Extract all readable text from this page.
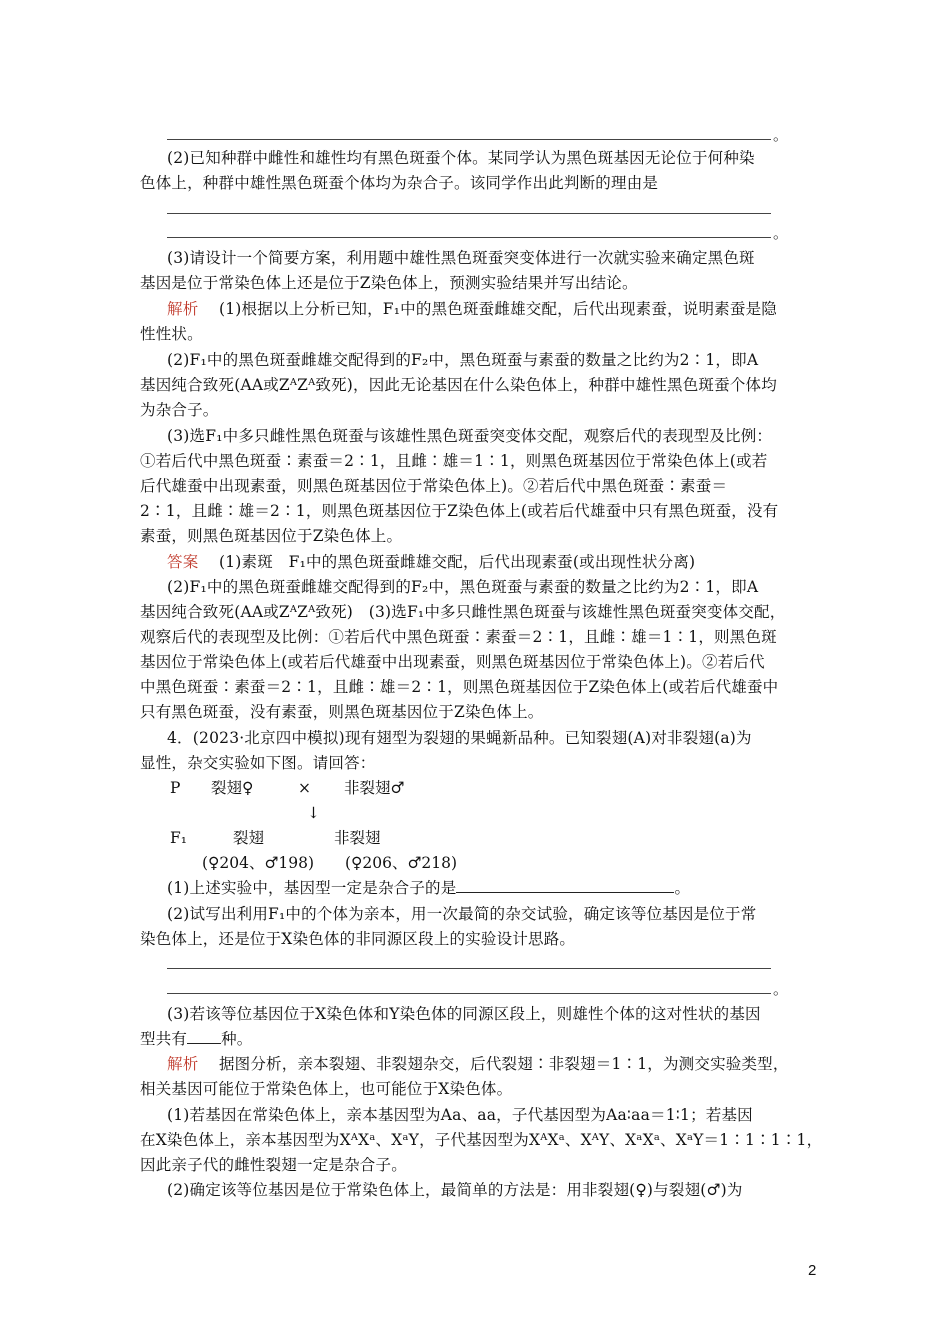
。
(2)已知种群中雌性和雄性均有黑色斑蚕个体。某同学认为黑色斑基因无论位于何种染
色体上，种群中雄性黑色斑蚕个体均为杂合子。该同学作出此判断的理由是
。
(3)请设计一个简要方案，利用题中雄性黑色斑蚕突变体进行一次就实验来确定黑色斑
基因是位于常染色体上还是位于Z染色体上，预测实验结果并写出结论。
解析 (1)根据以上分析已知，F₁中的黑色斑蚕雌雄交配，后代出现素蚕，说明素蚕是隐
性性状。
(2)F₁中的黑色斑蚕雌雄交配得到的F₂中，黑色斑蚕与素蚕的数量之比约为2∶1，即A
基因纯合致死(AA或ZᴬZᴬ致死)，因此无论基因在什么染色体上，种群中雄性黑色斑蚕个体均
为杂合子。
(3)选F₁中多只雌性黑色斑蚕与该雄性黑色斑蚕突变体交配，观察后代的表现型及比例：
①若后代中黑色斑蚕∶素蚕＝2∶1，且雌∶雄＝1∶1，则黑色斑基因位于常染色体上(或若
后代雄蚕中出现素蚕，则黑色斑基因位于常染色体上)。②若后代中黑色斑蚕∶素蚕＝
2∶1，且雌∶雄＝2∶1，则黑色斑基因位于Z染色体上(或若后代雄蚕中只有黑色斑蚕，没有
素蚕，则黑色斑基因位于Z染色体上。
答案 (1)素斑　F₁中的黑色斑蚕雌雄交配，后代出现素蚕(或出现性状分离)
(2)F₁中的黑色斑蚕雌雄交配得到的F₂中，黑色斑蚕与素蚕的数量之比约为2∶1，即A
基因纯合致死(AA或ZᴬZᴬ致死)　(3)选F₁中多只雌性黑色斑蚕与该雄性黑色斑蚕突变体交配，
观察后代的表现型及比例：①若后代中黑色斑蚕∶素蚕＝2∶1，且雌∶雄＝1∶1，则黑色斑
基因位于常染色体上(或若后代雄蚕中出现素蚕，则黑色斑基因位于常染色体上)。②若后代
中黑色斑蚕∶素蚕＝2∶1，且雌∶雄＝2∶1，则黑色斑基因位于Z染色体上(或若后代雄蚕中
只有黑色斑蚕，没有素蚕，则黑色斑基因位于Z染色体上。
4．(2023·北京四中模拟)现有翅型为裂翅的果蝇新品种。已知裂翅(A)对非裂翅(a)为
显性，杂交实验如下图。请回答：
P 裂翅♀	× 非裂翅♂
↓
F₁	裂翅	非裂翅
(♀204、♂198) (♀206、♂218)
(1)上述实验中，基因型一定是杂合子的是	。
(2)试写出利用F₁中的个体为亲本，用一次最简的杂交试验，确定该等位基因是位于常
染色体上，还是位于X染色体的非同源区段上的实验设计思路。
。
(3)若该等位基因位于X染色体和Y染色体的同源区段上，则雄性个体的这对性状的基因
型共有 种。
解析 据图分析，亲本裂翅、非裂翅杂交，后代裂翅∶非裂翅＝1∶1，为测交实验类型，
相关基因可能位于常染色体上，也可能位于X染色体。
(1)若基因在常染色体上，亲本基因型为Aa、aa，子代基因型为Aa∶aa＝1∶1；若基因
在X染色体上，亲本基因型为XᴬXᵃ、XᵃY，子代基因型为XᴬXᵃ、XᴬY、XᵃXᵃ、XᵃY＝1∶1∶1∶1，
因此亲子代的雌性裂翅一定是杂合子。
(2)确定该等位基因是位于常染色体上，最简单的方法是：用非裂翅(♀)与裂翅(♂)为
2
